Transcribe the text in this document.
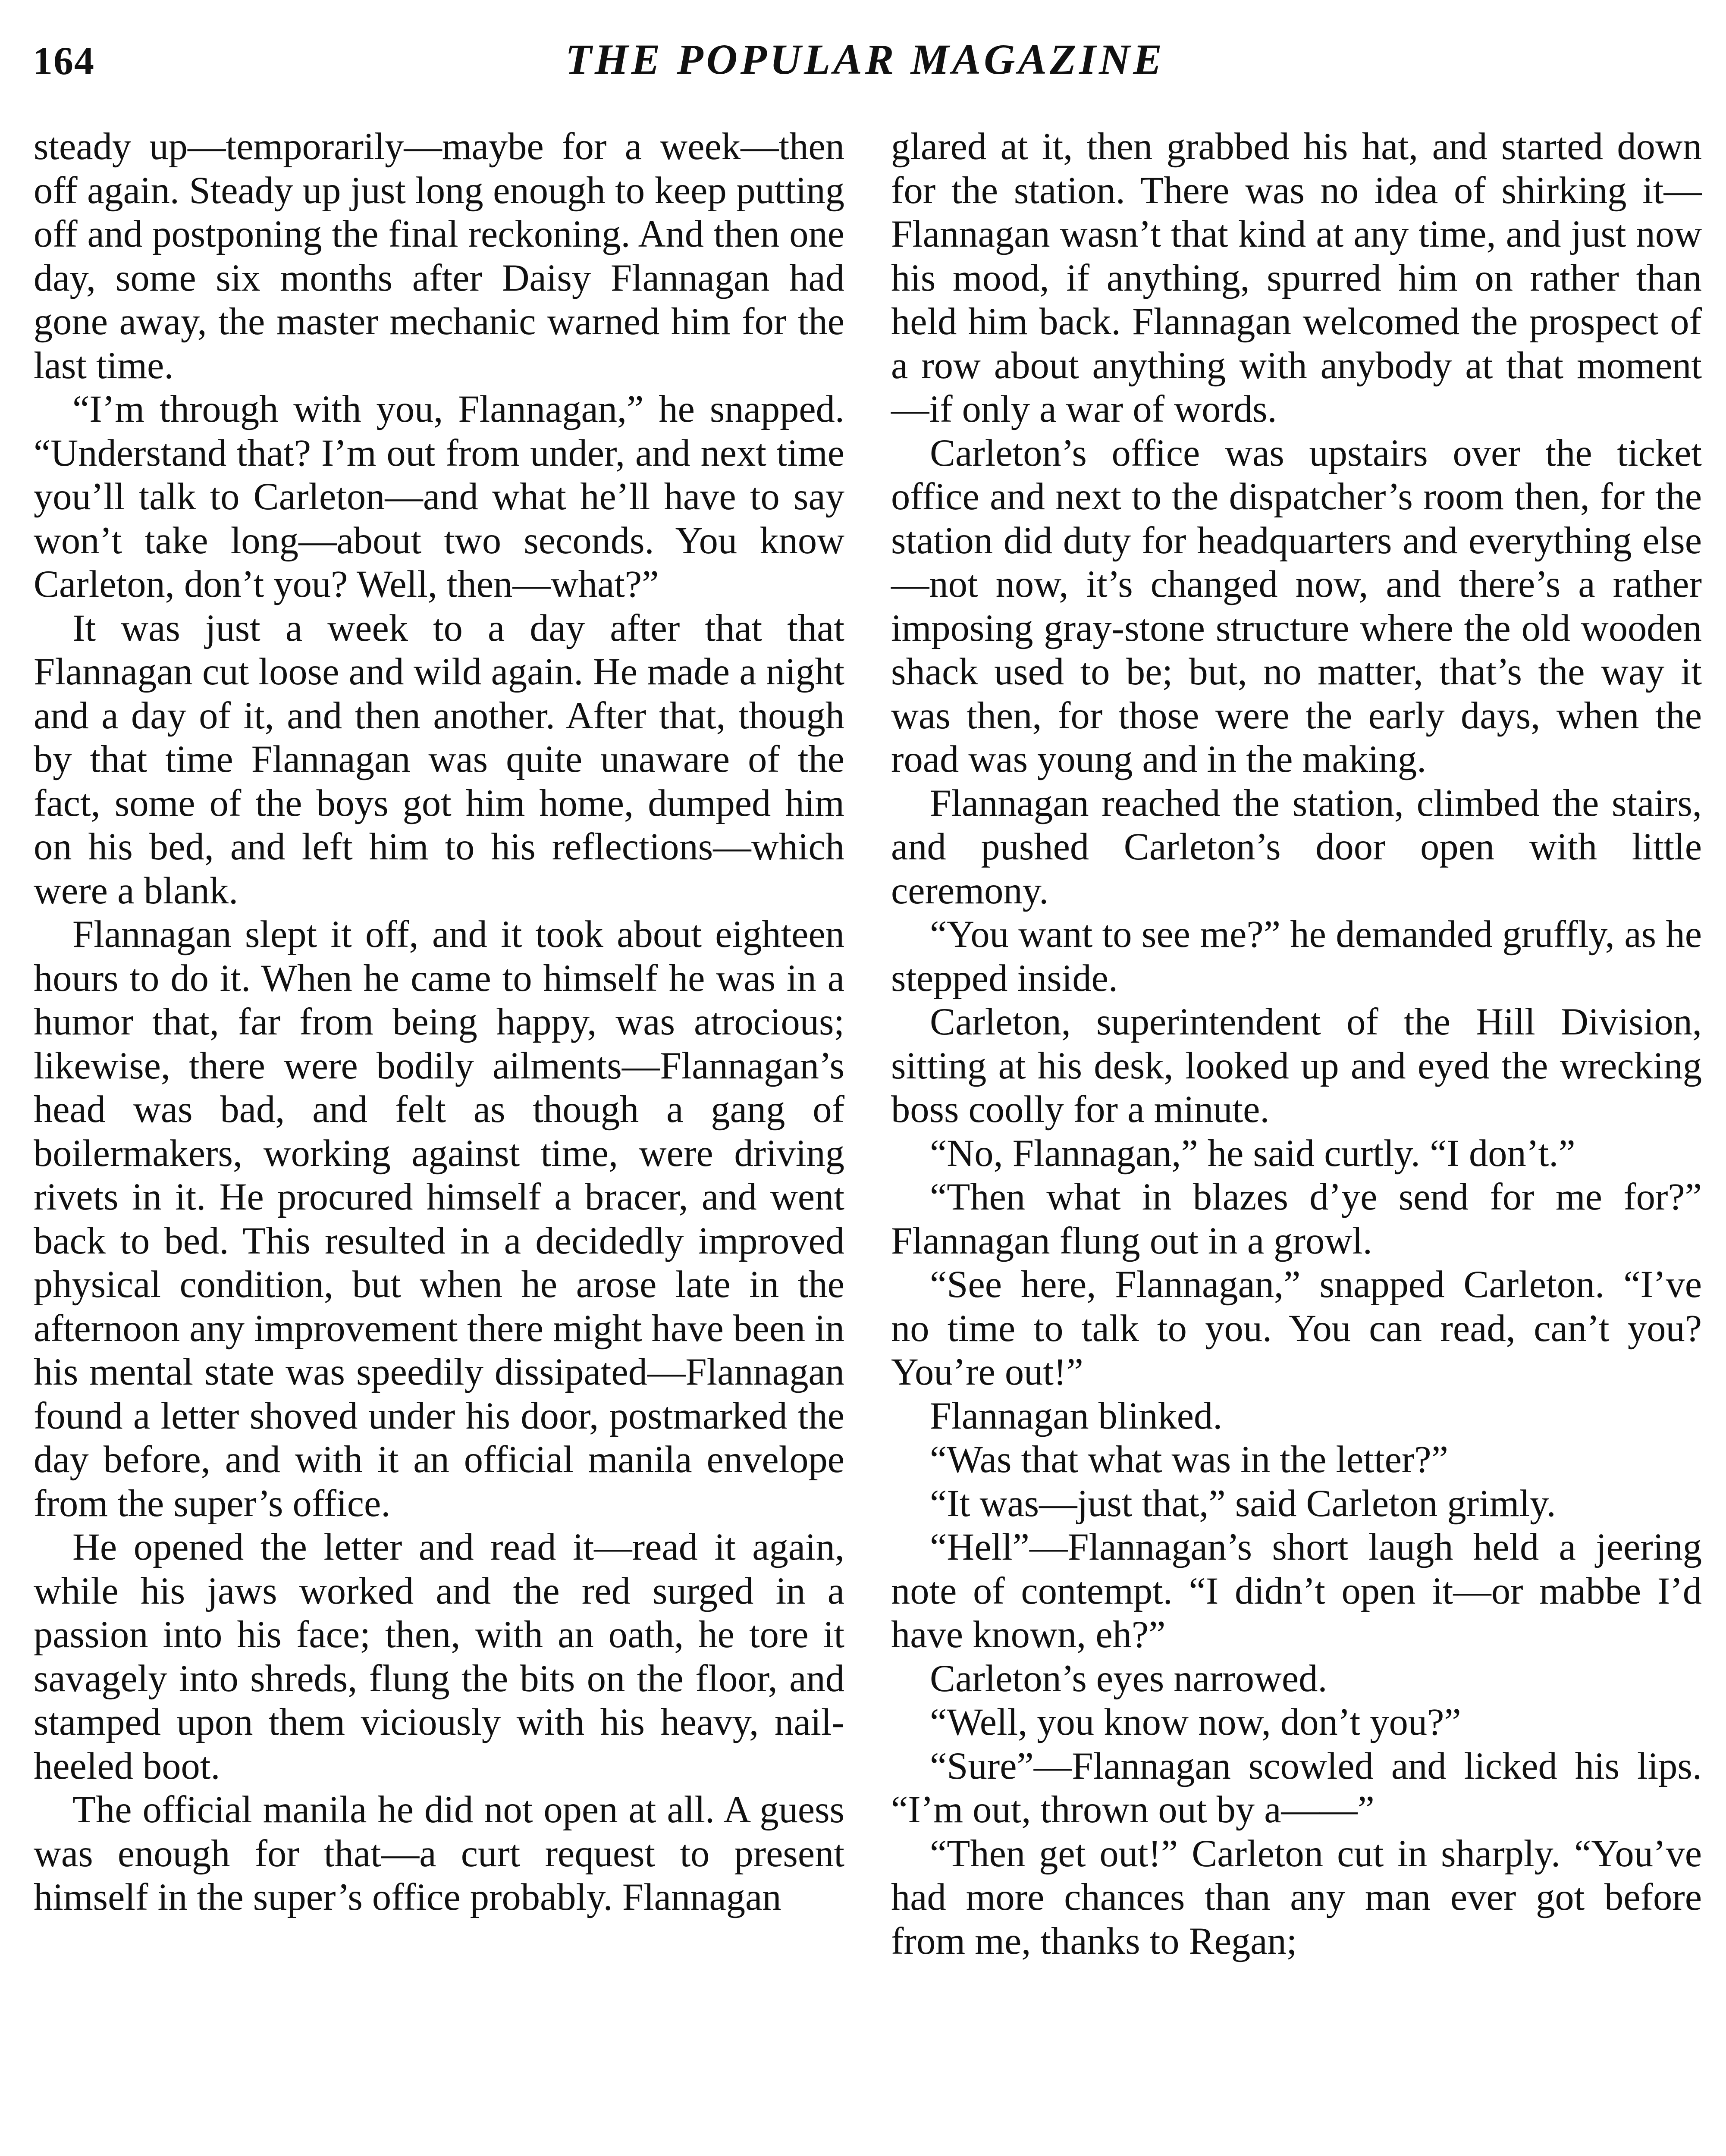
164	THE POPULAR MAGAZINE

steady up—temporarily—maybe for a week—then off again. Steady up just long enough to keep putting off and postponing the final reckoning. And then one day, some six months after Daisy Flannagan had gone away, the master mechanic warned him for the last time.

“I’m through with you, Flannagan,” he snapped. “Understand that? I’m out from under, and next time you’ll talk to Carleton—and what he’ll have to say won’t take long—about two seconds. You know Carleton, don’t you? Well, then—what?”

It was just a week to a day after that that Flannagan cut loose and wild again. He made a night and a day of it, and then another. After that, though by that time Flannagan was quite unaware of the fact, some of the boys got him home, dumped him on his bed, and left him to his reflections—which were a blank.

Flannagan slept it off, and it took about eighteen hours to do it. When he came to himself he was in a humor that, far from being happy, was atrocious; likewise, there were bodily ailments—Flannagan’s head was bad, and felt as though a gang of boilermakers, working against time, were driving rivets in it. He procured himself a bracer, and went back to bed. This resulted in a decidedly improved physical condition, but when he arose late in the afternoon any improvement there might have been in his mental state was speedily dissipated—Flannagan found a letter shoved under his door, postmarked the day before, and with it an official manila envelope from the super’s office.

He opened the letter and read it—read it again, while his jaws worked and the red surged in a passion into his face; then, with an oath, he tore it savagely into shreds, flung the bits on the floor, and stamped upon them viciously with his heavy, nail-heeled boot.

The official manila he did not open at all. A guess was enough for that—a curt request to present himself in the super’s office probably. Flannagan

glared at it, then grabbed his hat, and started down for the station. There was no idea of shirking it—Flannagan wasn’t that kind at any time, and just now his mood, if anything, spurred him on rather than held him back. Flannagan welcomed the prospect of a row about anything with anybody at that moment—if only a war of words.

Carleton’s office was upstairs over the ticket office and next to the dispatcher’s room then, for the station did duty for headquarters and everything else—not now, it’s changed now, and there’s a rather imposing gray-stone structure where the old wooden shack used to be; but, no matter, that’s the way it was then, for those were the early days, when the road was young and in the making.

Flannagan reached the station, climbed the stairs, and pushed Carleton’s door open with little ceremony.

“You want to see me?” he demanded gruffly, as he stepped inside.

Carleton, superintendent of the Hill Division, sitting at his desk, looked up and eyed the wrecking boss coolly for a minute.

“No, Flannagan,” he said curtly. “I don’t.”

“Then what in blazes d’ye send for me for?” Flannagan flung out in a growl.

“See here, Flannagan,” snapped Carleton. “I’ve no time to talk to you. You can read, can’t you? You’re out!”

Flannagan blinked.

“Was that what was in the letter?”

“It was—just that,” said Carleton grimly.

“Hell”—Flannagan’s short laugh held a jeering note of contempt. “I didn’t open it—or mabbe I’d have known, eh?”

Carleton’s eyes narrowed.

“Well, you know now, don’t you?”

“Sure”—Flannagan scowled and licked his lips. “I’m out, thrown out by a——”

“Then get out!” Carleton cut in sharply. “You’ve had more chances than any man ever got before from me, thanks to Regan;
